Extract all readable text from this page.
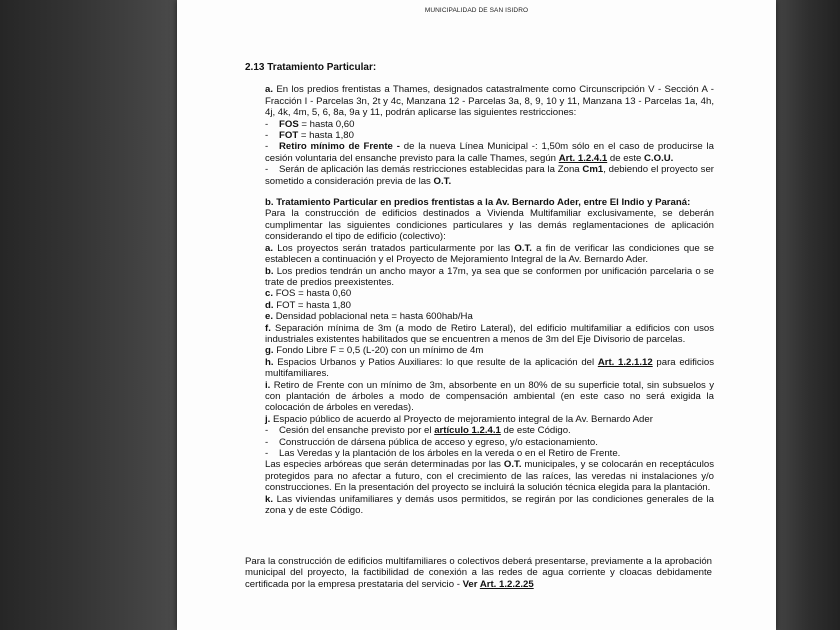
MUNICIPALIDAD DE SAN ISIDRO
2.13 Tratamiento Particular:
a. En los predios frentistas a Thames, designados catastralmente como Circunscripción V - Sección A - Fracción I - Parcelas 3n, 2t y 4c, Manzana 12 - Parcelas 3a, 8, 9, 10 y 11, Manzana 13 - Parcelas 1a, 4h, 4j, 4k, 4m, 5, 6, 8a, 9a y 11, podrán aplicarse las siguientes restricciones:
- FOS = hasta 0,60
- FOT = hasta 1,80
- Retiro mínimo de Frente - de la nueva Línea Municipal -: 1,50m sólo en el caso de producirse la cesión voluntaria del ensanche previsto para la calle Thames, según Art. 1.2.4.1 de este C.O.U.
- Serán de aplicación las demás restricciones establecidas para la Zona Cm1, debiendo el proyecto ser sometido a consideración previa de las O.T.
b. Tratamiento Particular en predios frentistas a la Av. Bernardo Ader, entre El Indio y Paraná:
Para la construcción de edificios destinados a Vivienda Multifamiliar exclusivamente, se deberán cumplimentar las siguientes condiciones particulares y las demás reglamentaciones de aplicación considerando el tipo de edificio (colectivo):
a. Los proyectos serán tratados particularmente por las O.T. a fin de verificar las condiciones que se establecen a continuación y el Proyecto de Mejoramiento Integral de la Av. Bernardo Ader.
b. Los predios tendrán un ancho mayor a 17m, ya sea que se conformen por unificación parcelaria o se trate de predios preexistentes.
c. FOS = hasta 0,60
d. FOT = hasta 1,80
e. Densidad poblacional neta = hasta 600hab/Ha
f. Separación mínima de 3m (a modo de Retiro Lateral), del edificio multifamiliar a edificios con usos industriales existentes habilitados que se encuentren a menos de 3m del Eje Divisorio de parcelas.
g. Fondo Libre F = 0,5 (L-20) con un mínimo de 4m
h. Espacios Urbanos y Patios Auxiliares: lo que resulte de la aplicación del Art. 1.2.1.12 para edificios multifamiliares.
i. Retiro de Frente con un mínimo de 3m, absorbente en un 80% de su superficie total, sin subsuelos y con plantación de árboles a modo de compensación ambiental (en este caso no será exigida la colocación de árboles en veredas).
j. Espacio público de acuerdo al Proyecto de mejoramiento integral de la Av. Bernardo Ader
- Cesión del ensanche previsto por el artículo 1.2.4.1 de este Código.
- Construcción de dársena pública de acceso y egreso, y/o estacionamiento.
- Las Veredas y la plantación de los árboles en la vereda o en el Retiro de Frente.
Las especies arbóreas que serán determinadas por las O.T. municipales, y se colocarán en receptáculos protegidos para no afectar a futuro, con el crecimiento de las raíces, las veredas ni instalaciones y/o construcciones. En la presentación del proyecto se incluirá la solución técnica elegida para la plantación.
k. Las viviendas unifamiliares y demás usos permitidos, se regirán por las condiciones generales de la zona y de este Código.
Para la construcción de edificios multifamiliares o colectivos deberá presentarse, previamente a la aprobación municipal del proyecto, la factibilidad de conexión a las redes de agua corriente y cloacas debidamente certificada por la empresa prestataria del servicio - Ver Art. 1.2.2.25
